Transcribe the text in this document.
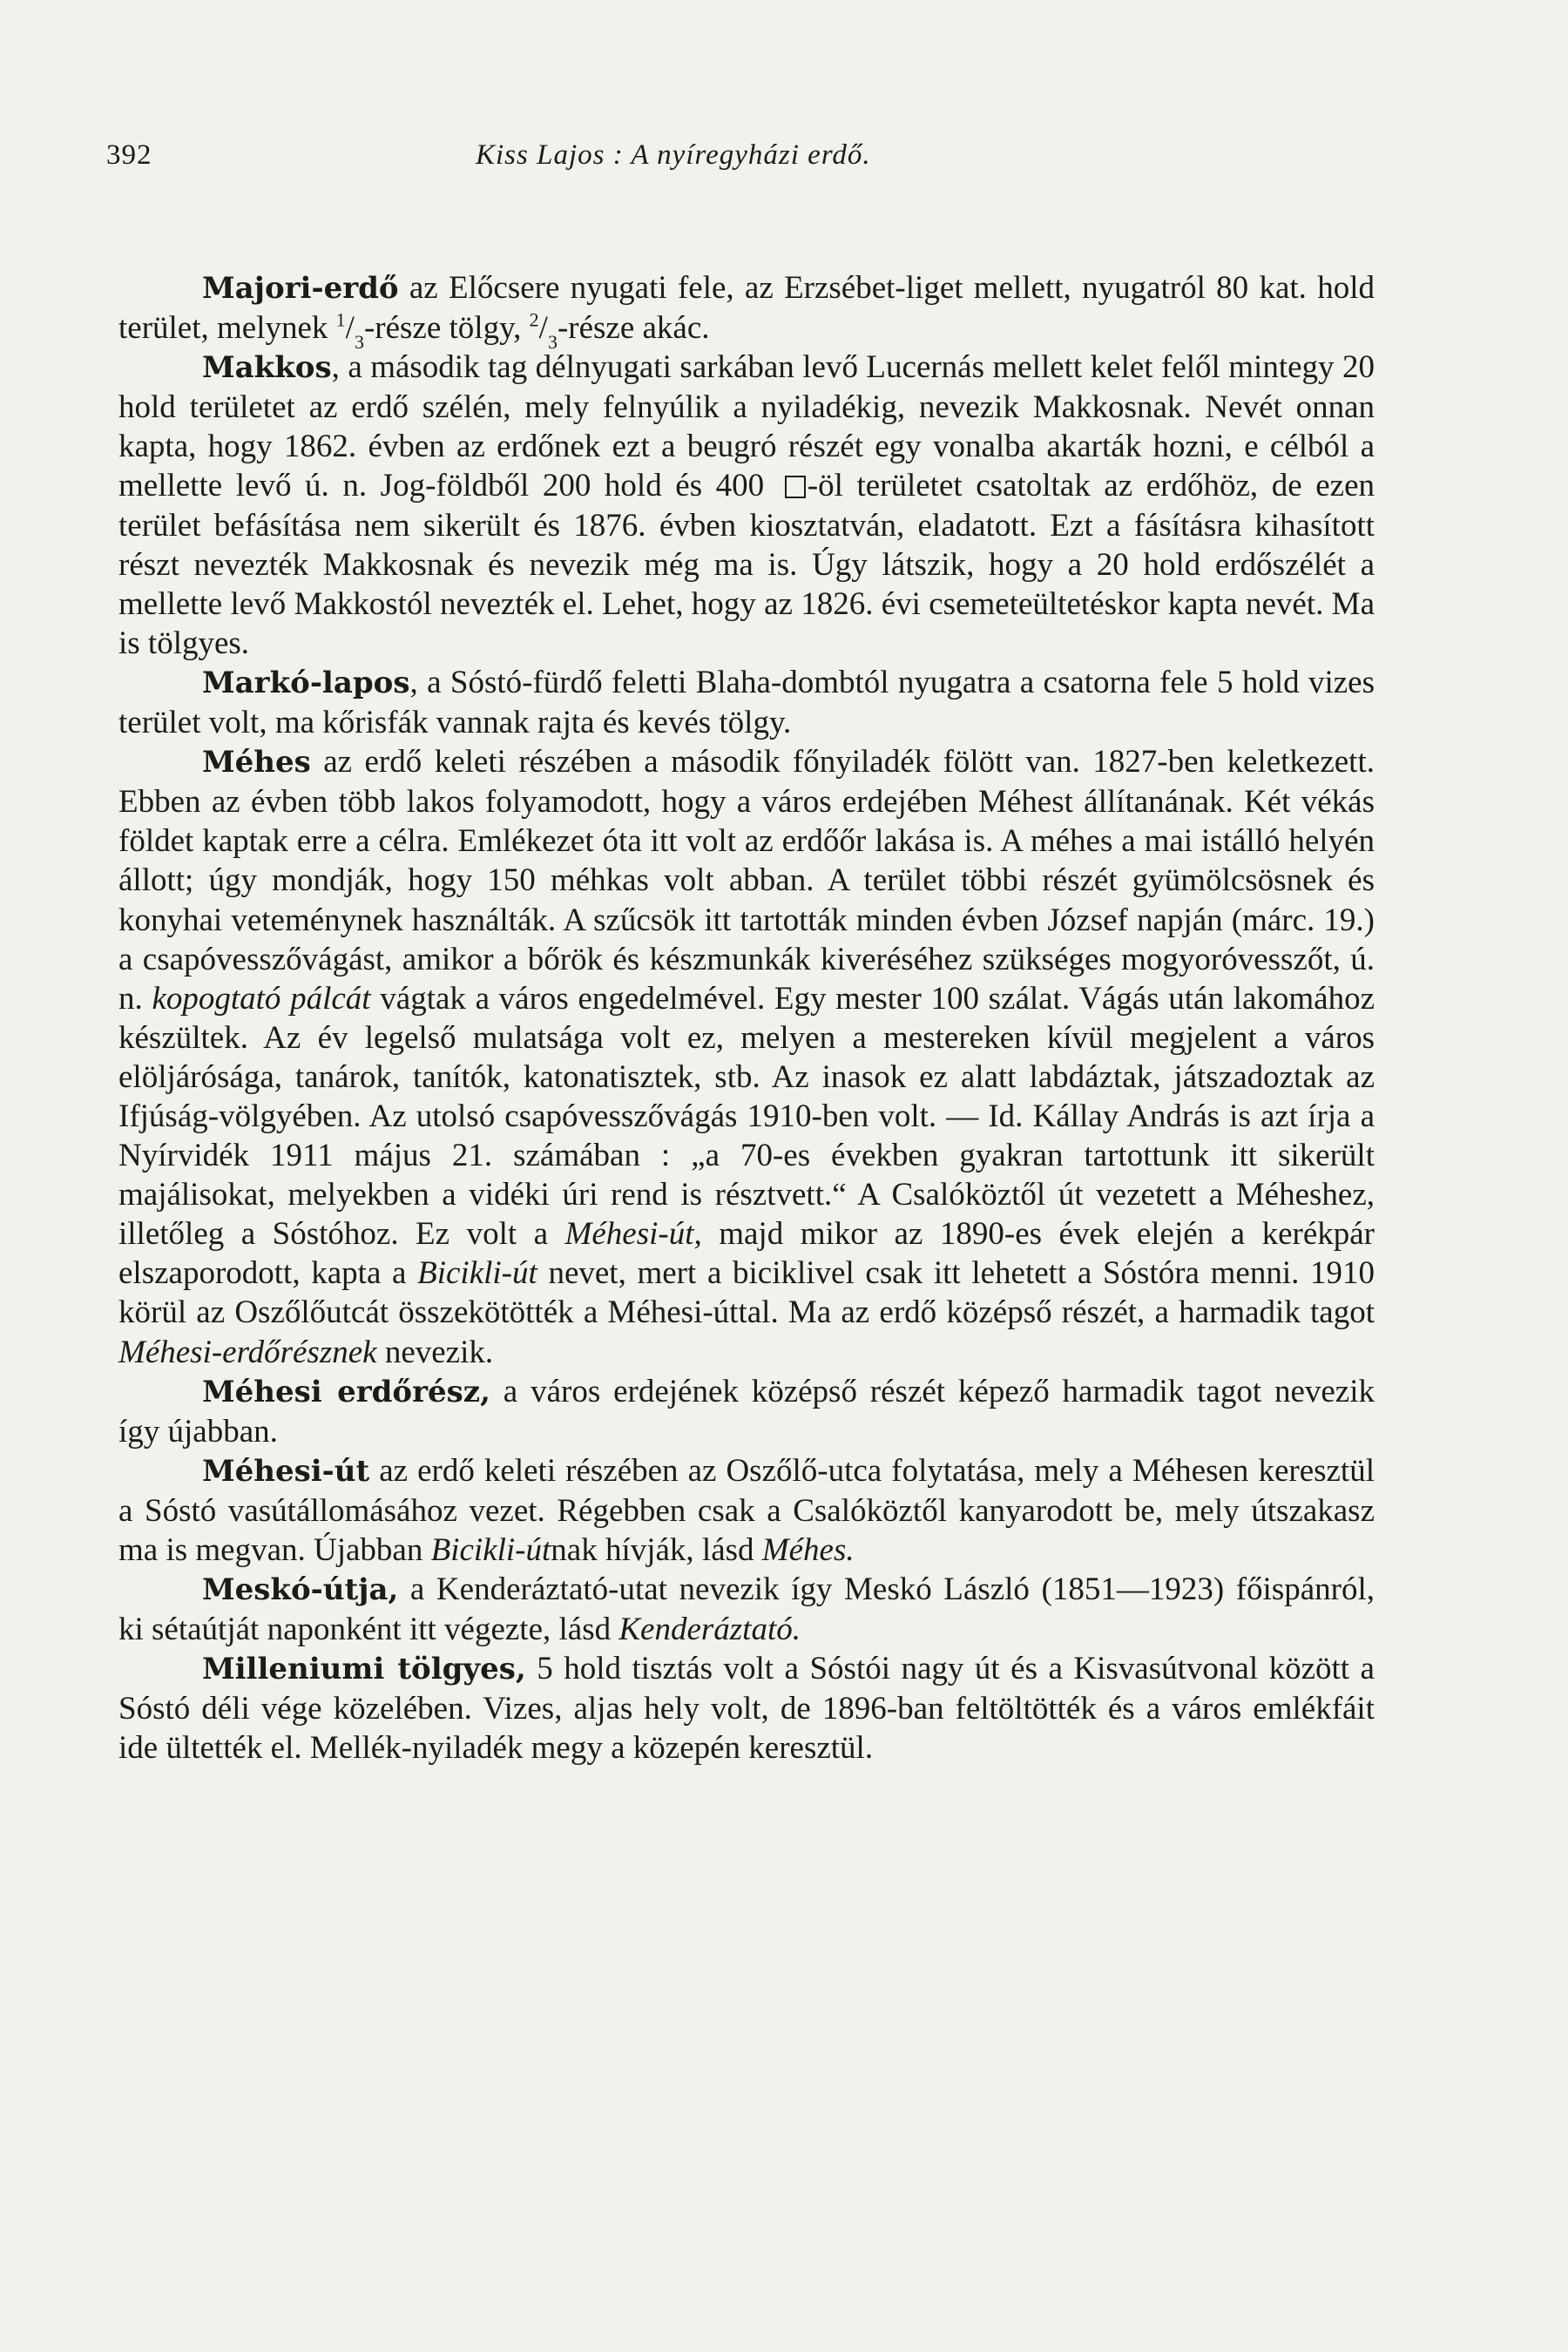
392	Kiss Lajos : A nyíregyházi erdő.

Majori-erdő az Előcsere nyugati fele, az Erzsébet-liget mellett, nyugatról 80 kat. hold terület, melynek $^1/_3$-része tölgy, $^2/_3$-része akác.

Makkos, a második tag délnyugati sarkában levő Lucernás mellett kelet felől mintegy 20 hold területet az erdő szélén, mely felnyúlik a nyiladékig, nevezik Makkosnak. Nevét onnan kapta, hogy 1862. évben az erdőnek ezt a beugró részét egy vonalba akarták hozni, e célból a mellette levő ú. n. Jog-földből 200 hold és 400 -öl területet csatoltak az erdőhöz, de ezen terület befásítása nem sikerült és 1876. évben kiosztatván, eladatott. Ezt a fásításra kihasított részt nevezték Makkosnak és nevezik még ma is. Úgy látszik, hogy a 20 hold erdőszélét a mellette levő Makkostól nevezték el. Lehet, hogy az 1826. évi csemeteültetéskor kapta nevét. Ma is tölgyes.

Markó-lapos, a Sóstó-fürdő feletti Blaha-dombtól nyugatra a csatorna fele 5 hold vizes terület volt, ma kőrisfák vannak rajta és kevés tölgy.

Méhes az erdő keleti részében a második főnyiladék fölött van. 1827-ben keletkezett. Ebben az évben több lakos folyamodott, hogy a város erdejében Méhest állítanának. Két vékás földet kaptak erre a célra. Emlékezet óta itt volt az erdőőr lakása is. A méhes a mai istálló helyén állott; úgy mondják, hogy 150 méhkas volt abban. A terület többi részét gyümölcsösnek és konyhai veteménynek használták. A szűcsök itt tartották minden évben József napján (márc. 19.) a csapóvesszővágást, amikor a bőrök és készmunkák kiveréséhez szükséges mogyoróvesszőt, ú. n. kopogtató pálcát vágtak a város engedelmével. Egy mester 100 szálat. Vágás után lakomához készültek. Az év legelső mulatsága volt ez, melyen a mestereken kívül megjelent a város elöljárósága, tanárok, tanítók, katonatisztek, stb. Az inasok ez alatt labdáztak, játszadoztak az Ifjúság-völgyében. Az utolsó csapóvesszővágás 1910-ben volt. — Id. Kállay András is azt írja a Nyírvidék 1911 május 21. számában : „a 70-es években gyakran tartottunk itt sikerült majálisokat, melyekben a vidéki úri rend is résztvett.“ A Csalóköztől út vezetett a Méheshez, illetőleg a Sóstóhoz. Ez volt a Méhesi-út, majd mikor az 1890-es évek elején a kerékpár elszaporodott, kapta a Bicikli-út nevet, mert a biciklivel csak itt lehetett a Sóstóra menni. 1910 körül az Oszőlőutcát összekötötték a Méhesi-úttal. Ma az erdő középső részét, a harmadik tagot Méhesi-erdőrésznek nevezik.

Méhesi erdőrész, a város erdejének középső részét képező harmadik tagot nevezik így újabban.

Méhesi-út az erdő keleti részében az Oszőlő-utca folytatása, mely a Méhesen keresztül a Sóstó vasútállomásához vezet. Régebben csak a Csalóköztől kanyarodott be, mely útszakasz ma is megvan. Újabban Bicikli-útnak hívják, lásd Méhes.

Meskó-útja, a Kenderáztató-utat nevezik így Meskó László (1851—1923) főispánról, ki sétaútját naponként itt végezte, lásd Kenderáztató.

Milleniumi tölgyes, 5 hold tisztás volt a Sóstói nagy út és a Kisvasútvonal között a Sóstó déli vége közelében. Vizes, aljas hely volt, de 1896-ban feltöltötték és a város emlékfáit ide ültették el. Mellék-nyiladék megy a közepén keresztül.
